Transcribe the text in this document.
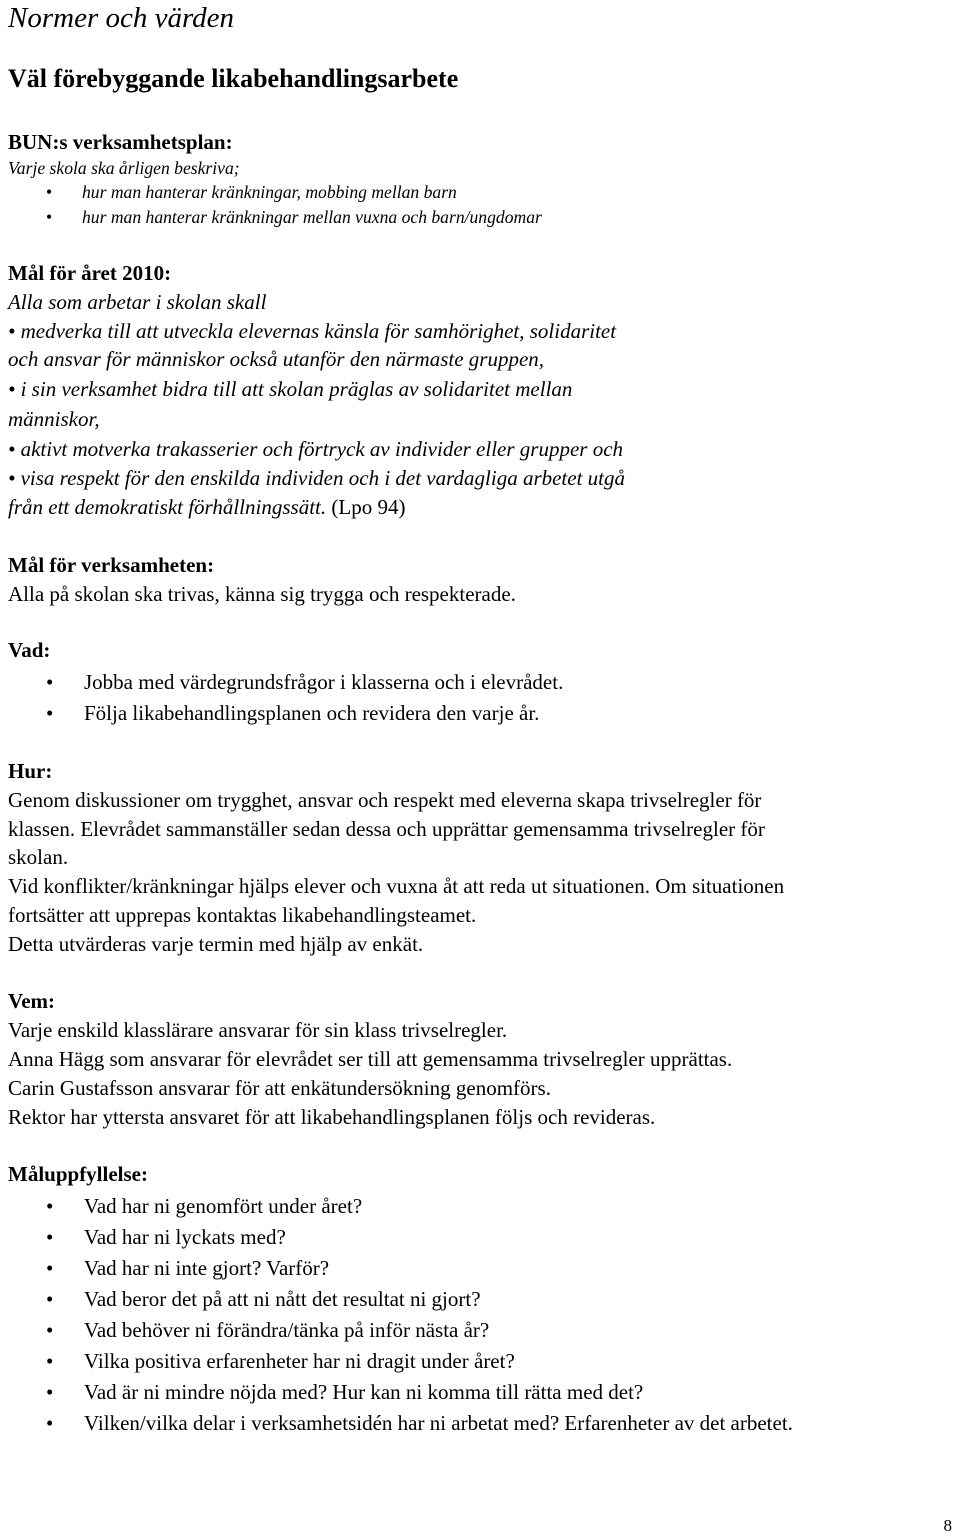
Normer och värden
Väl förebyggande likabehandlingsarbete
BUN:s verksamhetsplan:
Varje skola ska årligen beskriva;
• hur man hanterar kränkningar, mobbing mellan barn
• hur man hanterar kränkningar mellan vuxna och barn/ungdomar
Mål för året 2010:
Alla som arbetar i skolan skall
• medverka till att utveckla elevernas känsla för samhörighet, solidaritet
och ansvar för människor också utanför den närmaste gruppen,
• i sin verksamhet bidra till att skolan präglas av solidaritet mellan
människor,
• aktivt motverka trakasserier och förtryck av individer eller grupper och
• visa respekt för den enskilda individen och i det vardagliga arbetet utgå
från ett demokratiskt förhållningssätt. (Lpo 94)
Mål för verksamheten:
Alla på skolan ska trivas, känna sig trygga och respekterade.
Vad:
• Jobba med värdegrundsfrågor i klasserna och i elevrådet.
• Följa likabehandlingsplanen och revidera den varje år.
Hur:
Genom diskussioner om trygghet, ansvar och respekt med eleverna skapa trivselregler för
klassen. Elevrådet sammanställer sedan dessa och upprättar gemensamma trivselregler för
skolan.
Vid konflikter/kränkningar hjälps elever och vuxna åt att reda ut situationen. Om situationen
fortsätter att upprepas kontaktas likabehandlingsteamet.
Detta utvärderas varje termin med hjälp av enkät.
Vem:
Varje enskild klasslärare ansvarar för sin klass trivselregler.
Anna Hägg som ansvarar för elevrådet ser till att gemensamma trivselregler upprättas.
Carin Gustafsson ansvarar för att enkätundersökning genomförs.
Rektor har yttersta ansvaret för att likabehandlingsplanen följs och revideras.
Måluppfyllelse:
• Vad har ni genomfört under året?
• Vad har ni lyckats med?
• Vad har ni inte gjort? Varför?
• Vad beror det på att ni nått det resultat ni gjort?
• Vad behöver ni förändra/tänka på inför nästa år?
• Vilka positiva erfarenheter har ni dragit under året?
• Vad är ni mindre nöjda med? Hur kan ni komma till rätta med det?
• Vilken/vilka delar i verksamhetsidén har ni arbetat med? Erfarenheter av det arbetet.
8
